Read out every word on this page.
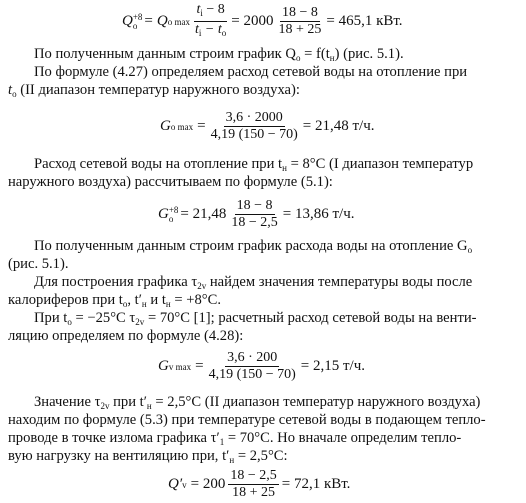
Q +8
o = Q o $\max \frac{t_i - 8}{t_i - t_o} = 2000 \frac{18 - 8}{18 + 25} = 465,1$ кВт.
По полученным данным строим график $Q_o = f(t_н)$ (рис. 5.1).
По формуле (4.27) определяем расход сетевой воды на отопление при
$t_o$ (II диапазон температур наружного воздуха):
G o $\max = \frac{3,6 \cdot 2000}{4,19 (150 - 70)} = 21,48$ т/ч.
Расход сетевой воды на отопление при $t_н = 8^\circ С$ (I диапазон температур
наружного воздуха) рассчитываем по формуле (5.1):
G +8
$o = 21,48 \frac{18 - 8}{18 - 2,5} = 13,86$ т/ч.
По полученным данным строим график расхода воды на отопление $G_o$
(рис. 5.1).
Для построения графика $\tau_{2v}$ найдем значения температуры воды после
калориферов при $t_o$, $t'_н$ и $t_н = +8^\circ С$.
При $t_o = -25^\circ С$ $\tau_{2v} = 70^\circ С$ [1]; расчетный расход сетевой воды на венти-
ляцию определяем по формуле (4.28):
G v $\max = \frac{3,6 \cdot 200}{4,19 (150 - 70)} = 2,15$ т/ч.
Значение $\tau_{2v}$ при $t'_н = 2,5^\circ С$ (II диапазон температур наружного воздуха)
находим по формуле (5.3) при температуре сетевой воды в подающем тепло-
проводе в точке излома графика $\tau'_1 = 70^\circ С$. Но вначале определим тепло-
вую нагрузку на вентиляцию при, $t'_н = 2,5^\circ С$:
Q′ $v = 200 \frac{18 - 2,5}{18 + 25} = 72,1$ кВт.
